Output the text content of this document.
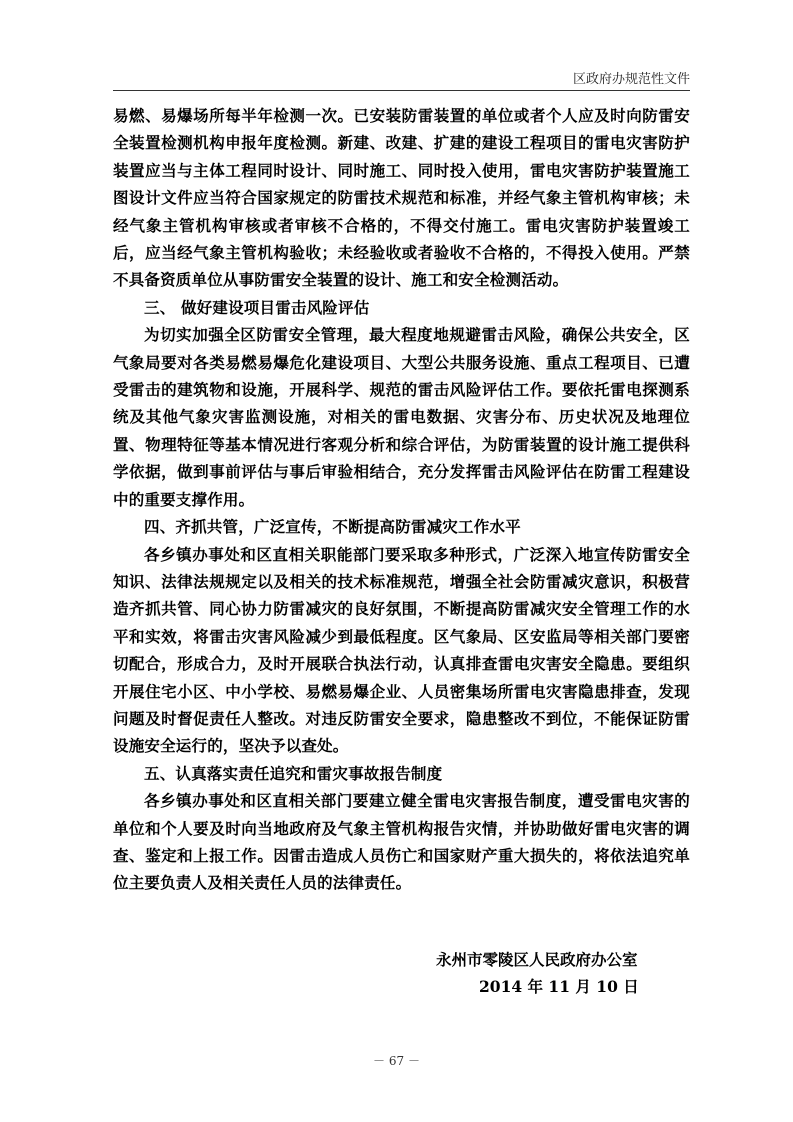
区政府办规范性文件

易燃、易爆场所每半年检测一次。已安装防雷装置的单位或者个人应及时向防雷安全装置检测机构申报年度检测。新建、改建、扩建的建设工程项目的雷电灾害防护装置应当与主体工程同时设计、同时施工、同时投入使用，雷电灾害防护装置施工图设计文件应当符合国家规定的防雷技术规范和标准，并经气象主管机构审核；未经气象主管机构审核或者审核不合格的，不得交付施工。雷电灾害防护装置竣工后，应当经气象主管机构验收；未经验收或者验收不合格的，不得投入使用。严禁不具备资质单位从事防雷安全装置的设计、施工和安全检测活动。

三、 做好建设项目雷击风险评估

为切实加强全区防雷安全管理，最大程度地规避雷击风险，确保公共安全，区气象局要对各类易燃易爆危化建设项目、大型公共服务设施、重点工程项目、已遭受雷击的建筑物和设施，开展科学、规范的雷击风险评估工作。要依托雷电探测系统及其他气象灾害监测设施，对相关的雷电数据、灾害分布、历史状况及地理位置、物理特征等基本情况进行客观分析和综合评估，为防雷装置的设计施工提供科学依据，做到事前评估与事后审验相结合，充分发挥雷击风险评估在防雷工程建设中的重要支撑作用。

四、齐抓共管，广泛宣传，不断提高防雷减灾工作水平

各乡镇办事处和区直相关职能部门要采取多种形式，广泛深入地宣传防雷安全知识、法律法规规定以及相关的技术标准规范，增强全社会防雷减灾意识，积极营造齐抓共管、同心协力防雷减灾的良好氛围，不断提高防雷减灾安全管理工作的水平和实效，将雷击灾害风险减少到最低程度。区气象局、区安监局等相关部门要密切配合，形成合力，及时开展联合执法行动，认真排查雷电灾害安全隐患。要组织开展住宅小区、中小学校、易燃易爆企业、人员密集场所雷电灾害隐患排查，发现问题及时督促责任人整改。对违反防雷安全要求，隐患整改不到位，不能保证防雷设施安全运行的，坚决予以查处。

五、认真落实责任追究和雷灾事故报告制度

各乡镇办事处和区直相关部门要建立健全雷电灾害报告制度，遭受雷电灾害的单位和个人要及时向当地政府及气象主管机构报告灾情，并协助做好雷电灾害的调查、鉴定和上报工作。因雷击造成人员伤亡和国家财产重大损失的，将依法追究单位主要负责人及相关责任人员的法律责任。

永州市零陵区人民政府办公室
2014 年 11 月 10 日
－ 67 －
